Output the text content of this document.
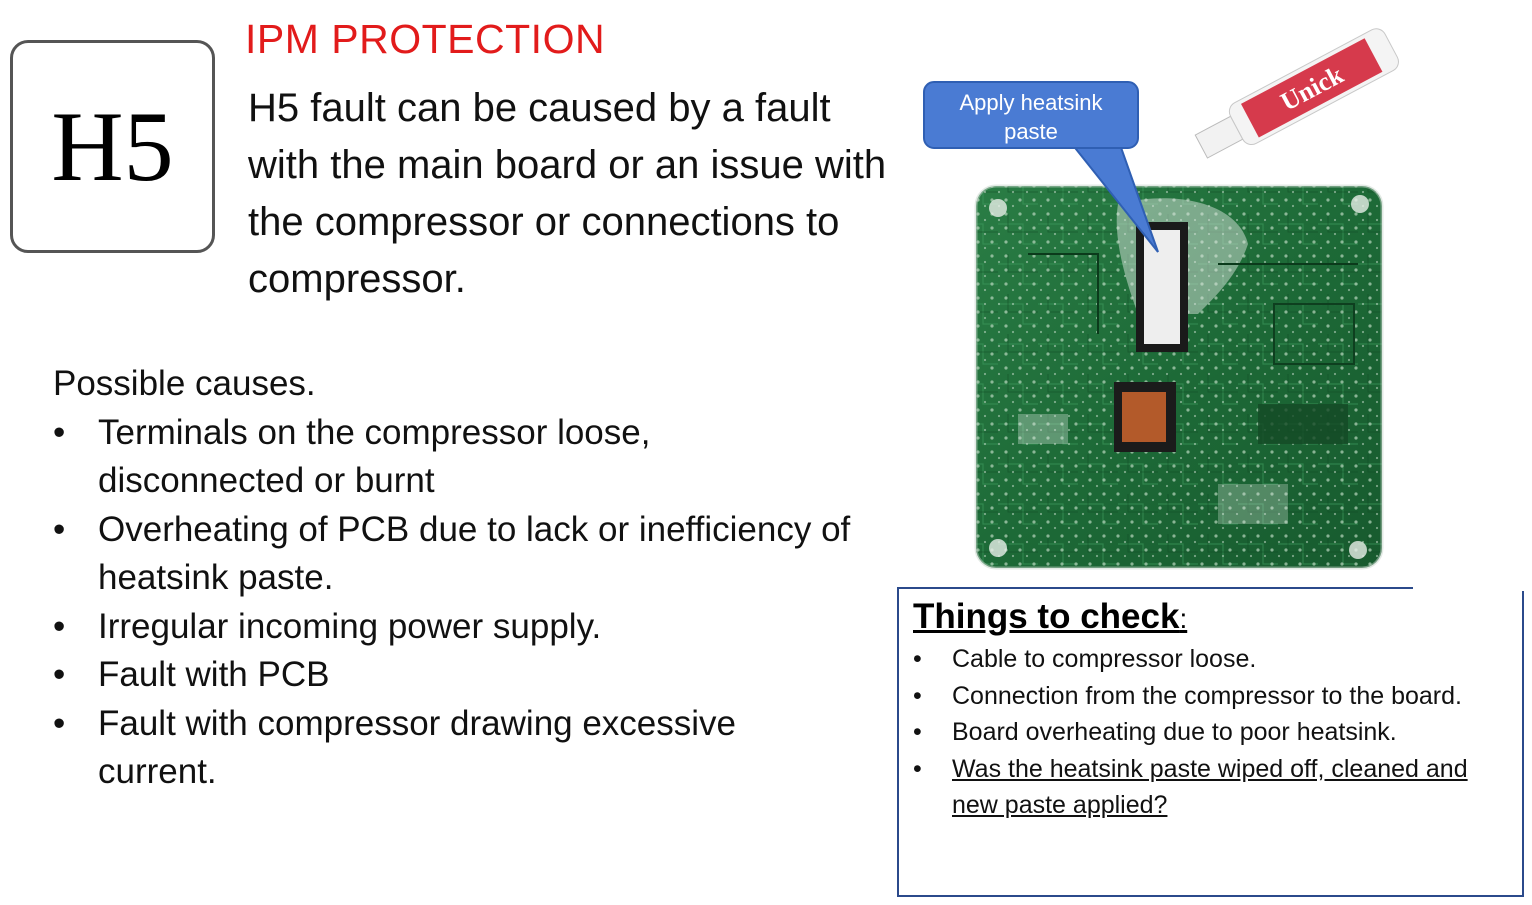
H5
IPM PROTECTION
H5 fault can be caused by a fault with the main board or an issue with the compressor or connections to compressor.
Possible causes.
• Terminals on the compressor loose, disconnected or burnt
• Overheating of PCB due to lack or inefficiency of heatsink paste.
• Irregular incoming power supply.
• Fault with PCB
• Fault with compressor drawing excessive current.
Apply heatsink
paste
Unick
Things to check:
• Cable to compressor loose.
• Connection from the compressor to the board.
• Board overheating due to poor heatsink.
• Was the heatsink paste wiped off, cleaned and new paste applied?
